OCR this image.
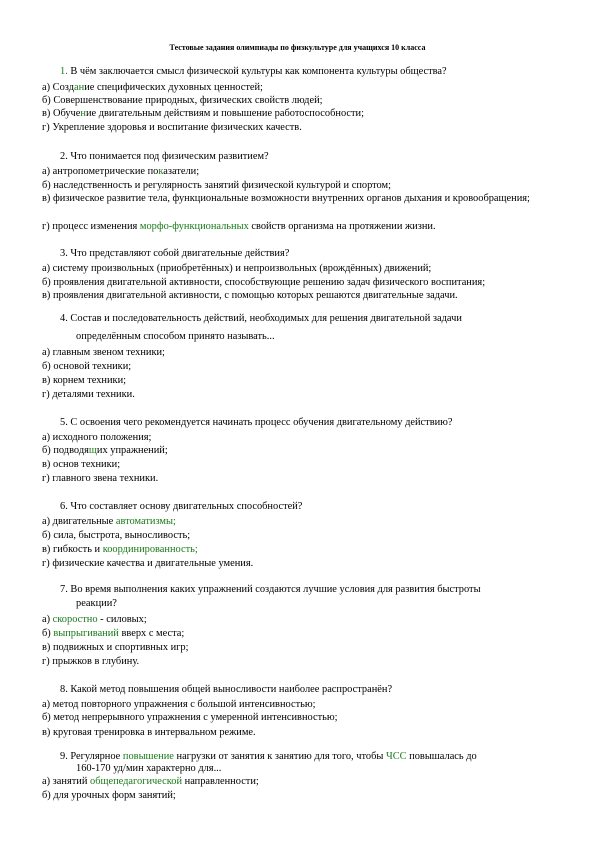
Тестовые задания олимпиады по физкультуре для учащихся 10 класса
1. В чём заключается смысл физической культуры как компонента культуры общества?
а) Создание специфических духовных ценностей;
б) Совершенствование природных, физических свойств людей;
в) Обучение двигательным действиям и повышение работоспособности;
г) Укрепление здоровья и воспитание физических качеств.
2. Что понимается под физическим развитием?
а) антропометрические показатели;
б) наследственность и регулярность занятий физической культурой и спортом;
в) физическое развитие тела, функциональные возможности внутренних органов дыхания и кровообращения;
г) процесс изменения морфо-функциональных свойств организма на протяжении жизни.
3. Что представляют собой двигательные действия?
а) систему произвольных (приобретённых) и непроизвольных (врождённых) движений;
б) проявления двигательной активности, способствующие решению задач физического воспитания;
в) проявления двигательной активности, с помощью которых решаются двигательные задачи.
4. Состав и последовательность действий, необходимых для решения двигательной задачи
определённым способом принято называть...
а) главным звеном техники;
б) основой техники;
в) корнем техники;
г) деталями техники.
5. С освоения чего рекомендуется начинать процесс обучения двигательному действию?
а) исходного положения;
б) подводящих упражнений;
в) основ техники;
г) главного звена техники.
6. Что составляет основу двигательных способностей?
а) двигательные автоматизмы;
б) сила, быстрота, выносливость;
в) гибкость и координированность;
г) физические качества и двигательные умения.
7. Во время выполнения каких упражнений создаются лучшие условия для развития быстроты
реакции?
а) скоростно - силовых;
б) выпрыгиваний вверх с места;
в) подвижных и спортивных игр;
г) прыжков в глубину.
8. Какой метод повышения общей выносливости наиболее распространён?
а) метод повторного упражнения с большой интенсивностью;
б) метод непрерывного упражнения с умеренной интенсивностью;
в) круговая тренировка в интервальном режиме.
9. Регулярное повышение нагрузки от занятия к занятию для того, чтобы ЧСС повышалась до
160-170 уд/мин характерно для...
а) занятий общепедагогической направленности;
б) для урочных форм занятий;
